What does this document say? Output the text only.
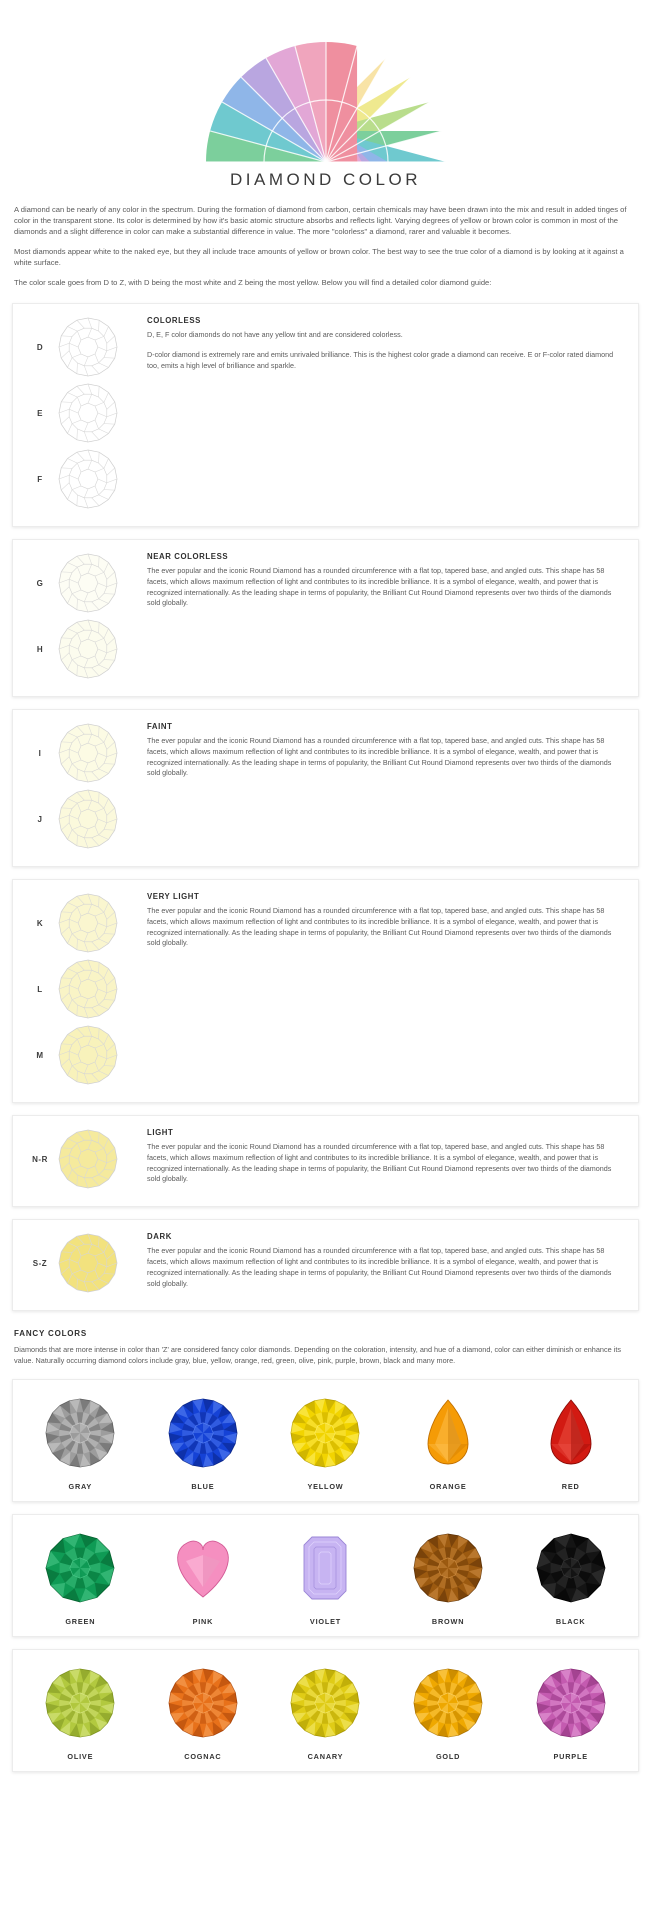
DIAMOND COLOR

A diamond can be nearly of any color in the spectrum. During the formation of diamond from carbon, certain chemicals may have been drawn into the mix and result in added tinges of color in the transparent stone. Its color is determined by how it's basic atomic structure absorbs and reflects light. Varying degrees of yellow or brown color is common in most of the diamonds and a slight difference in color can make a substantial difference in value. The more "colorless" a diamond, rarer and valuable it becomes.

Most diamonds appear white to the naked eye, but they all include trace amounts of yellow or brown color. The best way to see the true color of a diamond is by looking at it against a white surface.

The color scale goes from D to Z, with D being the most white and Z being the most yellow. Below you will find a detailed color diamond guide:

D
E
F
COLORLESS

D, E, F color diamonds do not have any yellow tint and are considered colorless.

D-color diamond is extremely rare and emits unrivaled brilliance. This is the highest color grade a diamond can receive. E or F-color rated diamond too, emits a high level of brilliance and sparkle.

G
H
NEAR COLORLESS

The ever popular and the iconic Round Diamond has a rounded circumference with a flat top, tapered base, and angled cuts. This shape has 58 facets, which allows maximum reflection of light and contributes to its incredible brilliance. It is a symbol of elegance, wealth, and power that is recognized internationally. As the leading shape in terms of popularity, the Brilliant Cut Round Diamond represents over two thirds of the diamonds sold globally.

I
J
FAINT

The ever popular and the iconic Round Diamond has a rounded circumference with a flat top, tapered base, and angled cuts. This shape has 58 facets, which allows maximum reflection of light and contributes to its incredible brilliance. It is a symbol of elegance, wealth, and power that is recognized internationally. As the leading shape in terms of popularity, the Brilliant Cut Round Diamond represents over two thirds of the diamonds sold globally.

K
L
M
VERY LIGHT

The ever popular and the iconic Round Diamond has a rounded circumference with a flat top, tapered base, and angled cuts. This shape has 58 facets, which allows maximum reflection of light and contributes to its incredible brilliance. It is a symbol of elegance, wealth, and power that is recognized internationally. As the leading shape in terms of popularity, the Brilliant Cut Round Diamond represents over two thirds of the diamonds sold globally.

N-R
LIGHT

The ever popular and the iconic Round Diamond has a rounded circumference with a flat top, tapered base, and angled cuts. This shape has 58 facets, which allows maximum reflection of light and contributes to its incredible brilliance. It is a symbol of elegance, wealth, and power that is recognized internationally. As the leading shape in terms of popularity, the Brilliant Cut Round Diamond represents over two thirds of the diamonds sold globally.

S-Z
DARK

The ever popular and the iconic Round Diamond has a rounded circumference with a flat top, tapered base, and angled cuts. This shape has 58 facets, which allows maximum reflection of light and contributes to its incredible brilliance. It is a symbol of elegance, wealth, and power that is recognized internationally. As the leading shape in terms of popularity, the Brilliant Cut Round Diamond represents over two thirds of the diamonds sold globally.

FANCY COLORS
Diamonds that are more intense in color than 'Z' are considered fancy color diamonds. Depending on the coloration, intensity, and hue of a diamond, color can either diminish or enhance its value. Naturally occurring diamond colors include gray, blue, yellow, orange, red, green, olive, pink, purple, brown, black and many more.
GRAY	BLUE	YELLOW	ORANGE	RED
GREEN	PINK	VIOLET	BROWN	BLACK
OLIVE	COGNAC	CANARY	GOLD	PURPLE
